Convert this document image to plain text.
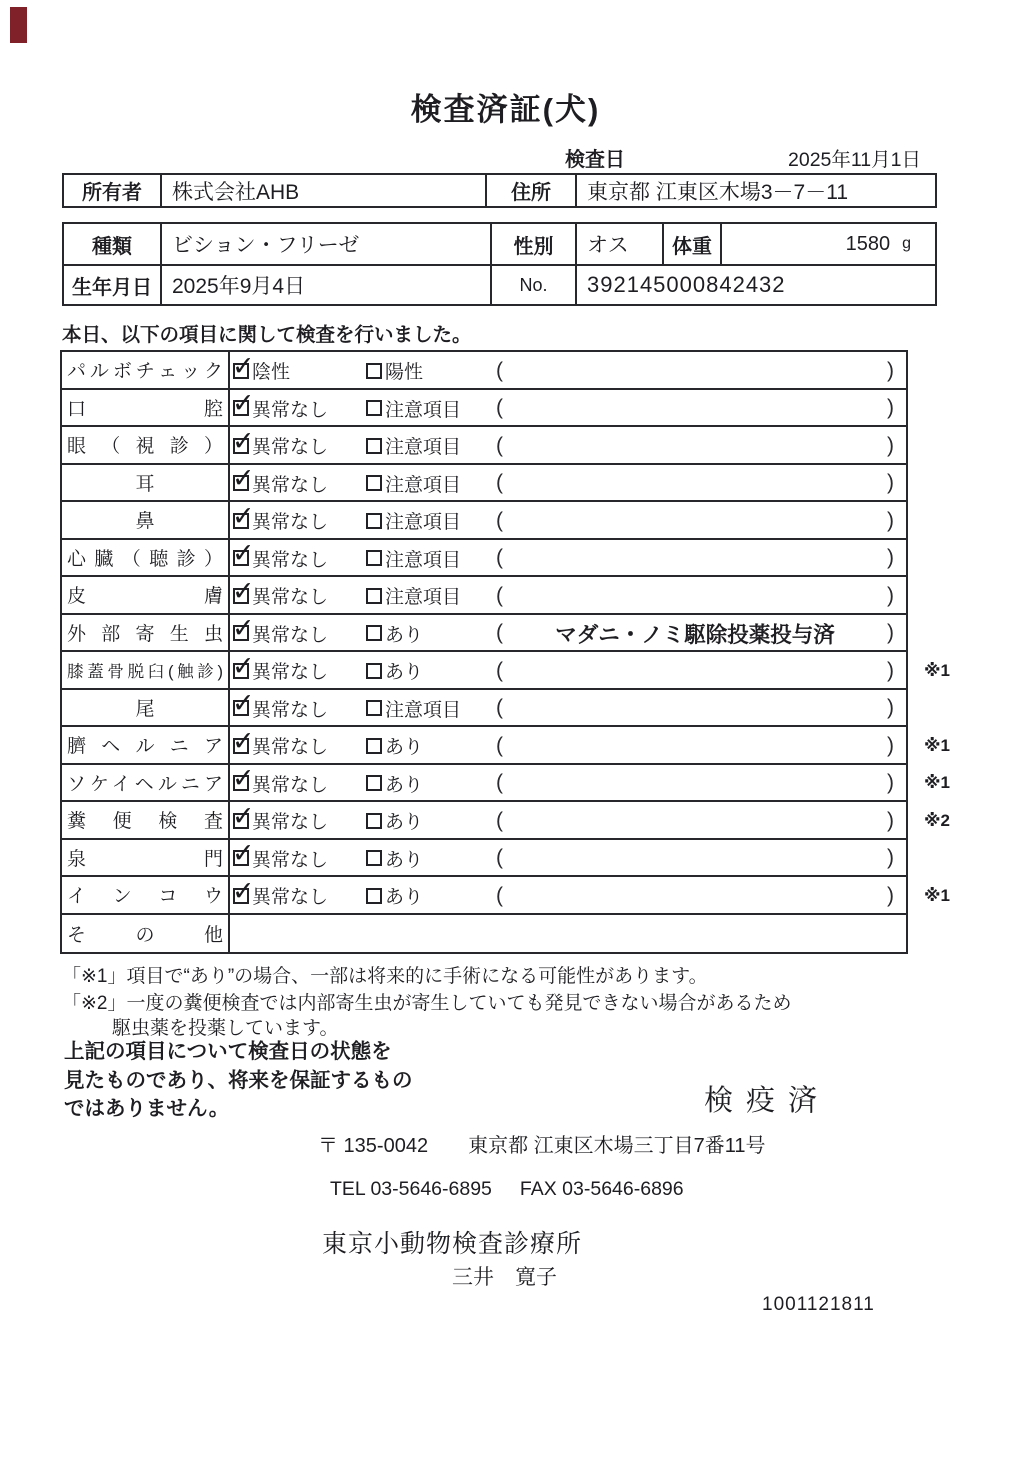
検査済証(犬)
検査日	2025年11月1日
所有者	株式会社AHB	住所	東京都 江東区木場3－7－11
種類	ビション・フリーゼ	性別	オス	体重	1580 g
生年月日 2025年9月4日	No.	392145000842432
本日、以下の項目に関して検査を行いました。
パルボチェック ✓ 陰性	陽性	(	)
口腔 ✓ 異常なし	注意項目 (	)
眼（視診） ✓ 異常なし	注意項目 (	)
耳 ✓	異常なし	注意項目 (	)
鼻 ✓	異常なし	注意項目 (	)
心臓（聴診） ✓ 異常なし	注意項目 (	)
皮膚 ✓ 異常なし	注意項目 (	)
外部寄生虫 ✓ 異常なし	あり	(	マダニ・ノミ駆除投薬投与済	)
膝蓋骨脱臼(触診) ✓ 異常なし	あり	(	) ※1
尾 ✓	異常なし	注意項目 (	)
臍ヘルニア ✓ 異常なし	あり	(	) ※1
ソケイヘルニア ✓ 異常なし	あり	(	) ※1
糞便検査 ✓ 異常なし	あり	(	) ※2
泉門 ✓ 異常なし	あり	(	)
インコウ ✓ 異常なし	あり	(	) ※1
その他
「※1」項目で“あり”の場合、一部は将来的に手術になる可能性があります。
「※2」一度の糞便検査では内部寄生虫が寄生していても発見できない場合があるため
駆虫薬を投薬しています。
上記の項目について検査日の状態を
見たものであり、将来を保証するもの
ではありません。	検疫済
〒 135-0042 東京都 江東区木場三丁目7番11号
TEL 03-5646-6895 FAX 03-5646-6896
東京小動物検査診療所
三井　寛子
1001121811
